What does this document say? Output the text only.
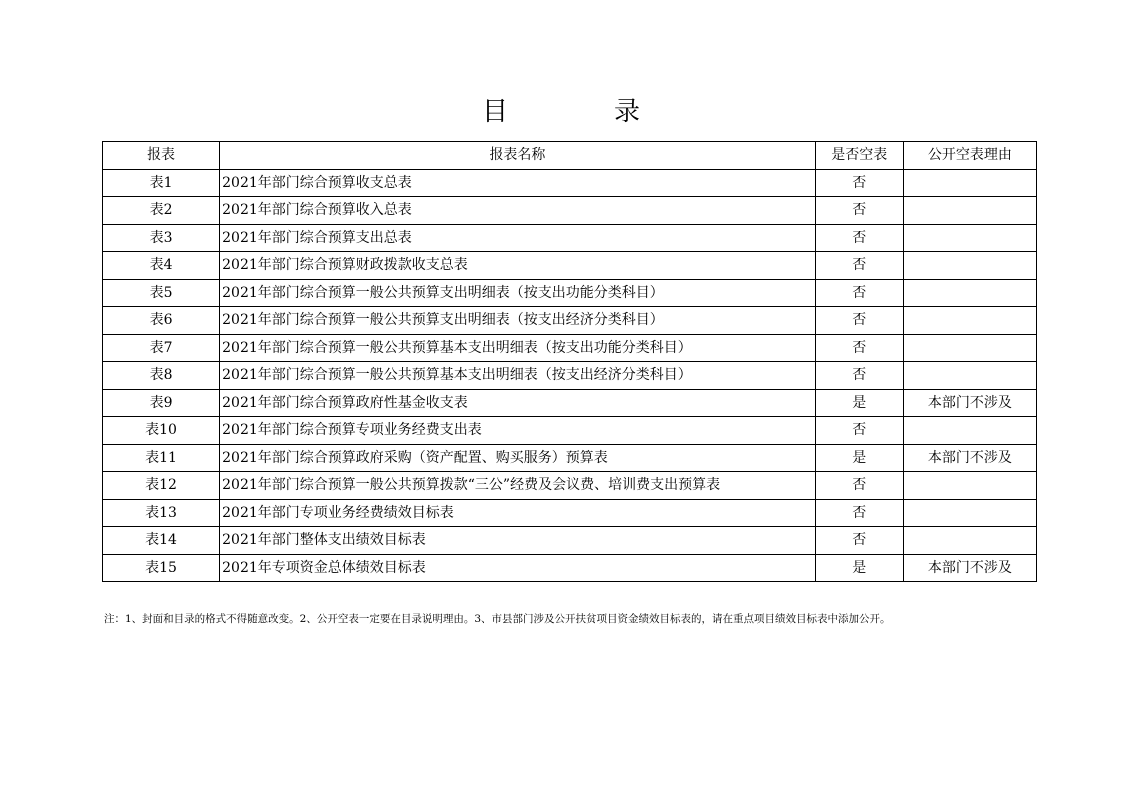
目　录
报表	报表名称	是否空表	公开空表理由
表1	2021年部门综合预算收支总表	否	
表2	2021年部门综合预算收入总表	否	
表3	2021年部门综合预算支出总表	否	
表4	2021年部门综合预算财政拨款收支总表	否	
表5	2021年部门综合预算一般公共预算支出明细表（按支出功能分类科目）	否	
表6	2021年部门综合预算一般公共预算支出明细表（按支出经济分类科目）	否	
表7	2021年部门综合预算一般公共预算基本支出明细表（按支出功能分类科目）	否	
表8	2021年部门综合预算一般公共预算基本支出明细表（按支出经济分类科目）	否	
表9	2021年部门综合预算政府性基金收支表	是	本部门不涉及
表10	2021年部门综合预算专项业务经费支出表	否	
表11	2021年部门综合预算政府采购（资产配置、购买服务）预算表	是	本部门不涉及
表12	2021年部门综合预算一般公共预算拨款“三公”经费及会议费、培训费支出预算表	否	
表13	2021年部门专项业务经费绩效目标表	否	
表14	2021年部门整体支出绩效目标表	否	
表15	2021年专项资金总体绩效目标表	是	本部门不涉及
注：1、封面和目录的格式不得随意改变。2、公开空表一定要在目录说明理由。3、市县部门涉及公开扶贫项目资金绩效目标表的，请在重点项目绩效目标表中添加公开。
